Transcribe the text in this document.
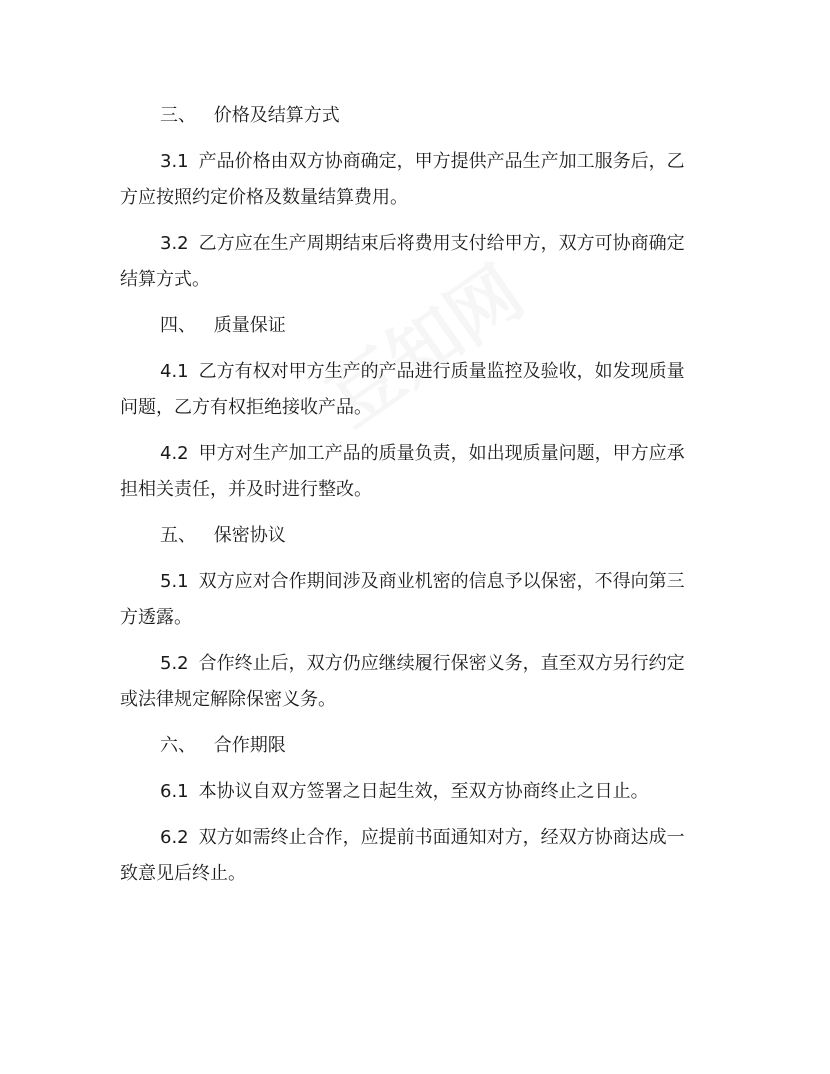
三、 价格及结算方式

3.1 产品价格由双方协商确定，甲方提供产品生产加工服务后，乙方应按照约定价格及数量结算费用。

3.2 乙方应在生产周期结束后将费用支付给甲方，双方可协商确定结算方式。

四、 质量保证

4.1 乙方有权对甲方生产的产品进行质量监控及验收，如发现质量问题，乙方有权拒绝接收产品。

4.2 甲方对生产加工产品的质量负责，如出现质量问题，甲方应承担相关责任，并及时进行整改。

五、 保密协议

5.1 双方应对合作期间涉及商业机密的信息予以保密，不得向第三方透露。

5.2 合作终止后，双方仍应继续履行保密义务，直至双方另行约定或法律规定解除保密义务。

六、 合作期限

6.1 本协议自双方签署之日起生效，至双方协商终止之日止。

6.2 双方如需终止合作，应提前书面通知对方，经双方协商达成一致意见后终止。
